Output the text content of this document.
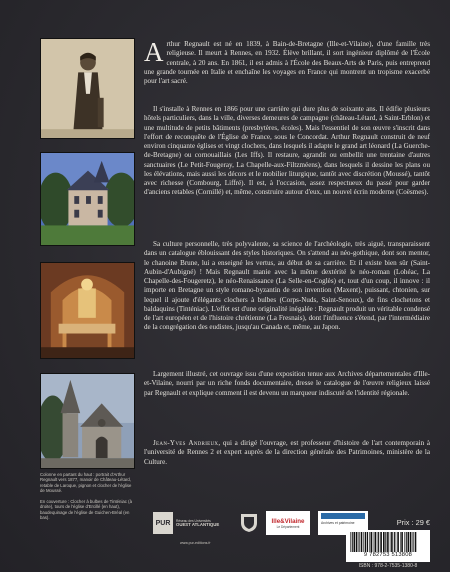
Arthur Regnault est né en 1839, à Bain-de-Bretagne (Ille-et-Vilaine), d'une famille très religieuse. Il meurt à Rennes, en 1932. Élève brillant, il sort ingénieur diplômé de l'École centrale, à 20 ans. En 1861, il est admis à l'École des Beaux-Arts de Paris, puis entreprend une grande tournée en Italie et enchaîne les voyages en France qui montrent un tropisme exacerbé pour l'art sacré.

Il s'installe à Rennes en 1866 pour une carrière qui dure plus de soixante ans. Il édifie plusieurs hôtels particuliers, dans la ville, diverses demeures de campagne (château-Létard, à Saint-Erblon) et une multitude de petits bâtiments (presbytères, écoles). Mais l'essentiel de son œuvre s'inscrit dans l'effort de reconquête de l'Église de France, sous le Concordat. Arthur Regnault construit de neuf environ cinquante églises et vingt clochers, dans lesquels il adapte le grand art léonard (La Guerche-de-Bretagne) ou cornouaillais (Les Iffs). Il restaure, agrandit ou embellit une trentaine d'autres sanctuaires (Le Petit-Fougeray, La Chapelle-aux-Filtzméens), dans lesquels il dessine les plans ou les élévations, mais aussi les décors et le mobilier liturgique, tantôt avec discrétion (Moussé), tantôt avec richesse (Combourg, Liffré). Il est, à l'occasion, assez respectueux du passé pour garder d'anciens retables (Cornillé) et, même, construire autour d'eux, un nouvel écrin moderne (Coësmes).

Sa culture personnelle, très polyvalente, sa science de l'archéologie, très aiguë, transparaissent dans un catalogue éblouissant des styles historiques. On s'attend au néo-gothique, dont son mentor, le chanoine Brune, lui a enseigné les vertus, au début de sa carrière. Et il existe bien sûr (Saint-Aubin-d'Aubigné) ! Mais Regnault manie avec la même dextérité le néo-roman (Lohéac, La Chapelle-des-Fougeretz), le néo-Renaissance (La Selle-en-Coglès) et, tout d'un coup, il innove : il importe en Bretagne un style romano-byzantin de son invention (Maxent), puissant, chtonien, sur lequel il ajoute d'élégants clochers à bulbes (Corps-Nuds, Saint-Senoux), de fins clochetons et baldaquins (Tinténiac). L'effet est d'une originalité inégalée : Regnault produit un véritable condensé de l'art européen et de l'histoire chrétienne (La Fresnais), dont l'influence s'étend, par l'intermédiaire de la congrégation des eudistes, jusqu'au Canada et, même, au Japon.

Largement illustré, cet ouvrage issu d'une exposition tenue aux Archives départementales d'Ille-et-Vilaine, nourri par un riche fonds documentaire, dresse le catalogue de l'œuvre religieux laissé par Regnault et explique comment il est devenu un marqueur indiscuté de l'identité régionale.

Jean-Yves Andrieux, qui a dirigé l'ouvrage, est professeur d'histoire de l'art contemporain à l'université de Rennes 2 et expert auprès de la direction générale des Patrimoines, ministère de la Culture.

Colonne en partant du haut : portrait d'Arthur Regnault vers 1877, manoir de Château-Létard, retable de Laroque, pignon et clocher de l'église de Moussé.

En couverture : Clocher à bulbes de Tinténiac (à droite), tours de l'église d'Ercillé (en haut), baudequinage de l'église de Guichen-Bréal (en bas).

PUR	Réseau des Universités
OUEST ATLANTIQUE	Ille&Vilaine
Le Département
Archives et patrimoine
www.pur-editions.fr
Prix : 29 €
9 782753 513808
ISBN : 978-2-7535-1380-8
